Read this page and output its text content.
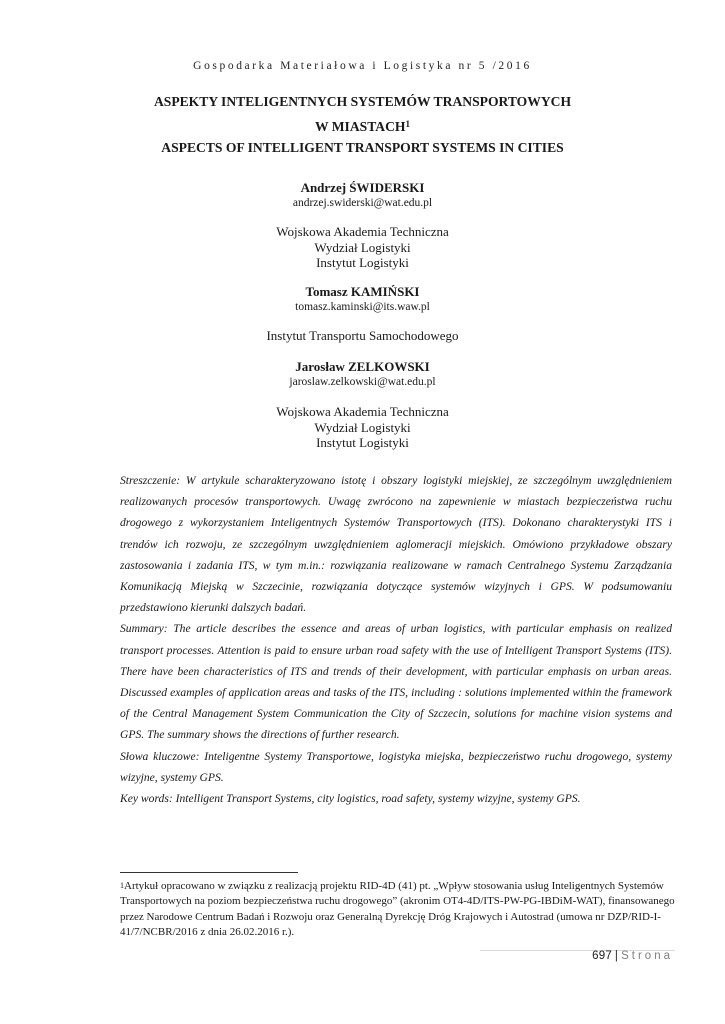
Gospodarka Materiałowa i Logistyka nr 5 /2016
ASPEKTY INTELIGENTNYCH SYSTEMÓW TRANSPORTOWYCH
W MIASTACH$^1$
ASPECTS OF INTELLIGENT TRANSPORT SYSTEMS IN CITIES
Andrzej ŚWIDERSKI
andrzej.swiderski@wat.edu.pl
Wojskowa Akademia Techniczna
Wydział Logistyki
Instytut Logistyki
Tomasz KAMIŃSKI
tomasz.kaminski@its.waw.pl
Instytut Transportu Samochodowego
Jarosław ZELKOWSKI
jaroslaw.zelkowski@wat.edu.pl
Wojskowa Akademia Techniczna
Wydział Logistyki
Instytut Logistyki

Streszczenie: W artykule scharakteryzowano istotę i obszary logistyki miejskiej, ze szczególnym uwzględnieniem realizowanych procesów transportowych. Uwagę zwrócono na zapewnienie w miastach bezpieczeństwa ruchu drogowego z wykorzystaniem Inteligentnych Systemów Transportowych (ITS). Dokonano charakterystyki ITS i trendów ich rozwoju, ze szczególnym uwzględnieniem aglomeracji miejskich. Omówiono przykładowe obszary zastosowania i zadania ITS, w tym m.in.: rozwiązania realizowane w ramach Centralnego Systemu Zarządzania Komunikacją Miejską w Szczecinie, rozwiązania dotyczące systemów wizyjnych i GPS. W podsumowaniu przedstawiono kierunki dalszych badań.

Summary: The article describes the essence and areas of urban logistics, with particular emphasis on realized transport processes. Attention is paid to ensure urban road safety with the use of Intelligent Transport Systems (ITS). There have been characteristics of ITS and trends of their development, with particular emphasis on urban areas. Discussed examples of application areas and tasks of the ITS, including : solutions implemented within the framework of the Central Management System Communication the City of Szczecin, solutions for machine vision systems and GPS. The summary shows the directions of further research.

Słowa kluczowe: Inteligentne Systemy Transportowe, logistyka miejska, bezpieczeństwo ruchu drogowego, systemy wizyjne, systemy GPS.

Key words: Intelligent Transport Systems, city logistics, road safety, systemy wizyjne, systemy GPS.

$^1$Artykuł opracowano w związku z realizacją projektu RID-4D (41) pt. „Wpływ stosowania usług Inteligentnych Systemów Transportowych na poziom bezpieczeństwa ruchu drogowego” (akronim OT4-4D/ITS-PW-PG-IBDiM-WAT), finansowanego przez Narodowe Centrum Badań i Rozwoju oraz Generalną Dyrekcję Dróg Krajowych i Autostrad (umowa nr DZP/RID-I-41/7/NCBR/2016 z dnia 26.02.2016 r.).
697 | Strona
